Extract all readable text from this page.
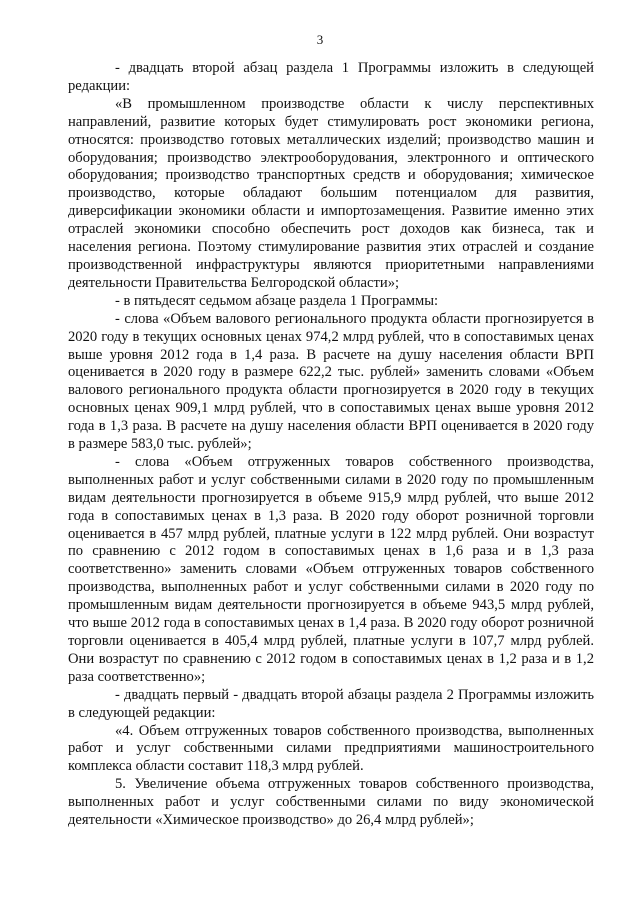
3

- двадцать второй абзац раздела 1 Программы изложить в следующей редакции:

«В промышленном производстве области к числу перспективных направлений, развитие которых будет стимулировать рост экономики региона, относятся: производство готовых металлических изделий; производство машин и оборудования; производство электрооборудования, электронного и оптического оборудования; производство транспортных средств и оборудования; химическое производство, которые обладают большим потенциалом для развития, диверсификации экономики области и импортозамещения. Развитие именно этих отраслей экономики способно обеспечить рост доходов как бизнеса, так и населения региона. Поэтому стимулирование развития этих отраслей и создание производственной инфраструктуры являются приоритетными направлениями деятельности Правительства Белгородской области»;

- в пятьдесят седьмом абзаце раздела 1 Программы:

- слова «Объем валового регионального продукта области прогнозируется в 2020 году в текущих основных ценах 974,2 млрд рублей, что в сопоставимых ценах выше уровня 2012 года в 1,4 раза. В расчете на душу населения области ВРП оценивается в 2020 году в размере 622,2 тыс. рублей» заменить словами «Объем валового регионального продукта области прогнозируется в 2020 году в текущих основных ценах 909,1 млрд рублей, что в сопоставимых ценах выше уровня 2012 года в 1,3 раза. В расчете на душу населения области ВРП оценивается в 2020 году в размере 583,0 тыс. рублей»;

- слова «Объем отгруженных товаров собственного производства, выполненных работ и услуг собственными силами в 2020 году по промышленным видам деятельности прогнозируется в объеме 915,9 млрд рублей, что выше 2012 года в сопоставимых ценах в 1,3 раза. В 2020 году оборот розничной торговли оценивается в 457 млрд рублей, платные услуги в 122 млрд рублей. Они возрастут по сравнению с 2012 годом в сопоставимых ценах в 1,6 раза и в 1,3 раза соответственно» заменить словами «Объем отгруженных товаров собственного производства, выполненных работ и услуг собственными силами в 2020 году по промышленным видам деятельности прогнозируется в объеме 943,5 млрд рублей, что выше 2012 года в сопоставимых ценах в 1,4 раза. В 2020 году оборот розничной торговли оценивается в 405,4 млрд рублей, платные услуги в 107,7 млрд рублей. Они возрастут по сравнению с 2012 годом в сопоставимых ценах в 1,2 раза и в 1,2 раза соответственно»;

- двадцать первый - двадцать второй абзацы раздела 2 Программы изложить в следующей редакции:

«4. Объем отгруженных товаров собственного производства, выполненных работ и услуг собственными силами предприятиями машиностроительного комплекса области составит 118,3 млрд рублей.

5. Увеличение объема отгруженных товаров собственного производства, выполненных работ и услуг собственными силами по виду экономической деятельности «Химическое производство» до 26,4 млрд рублей»;
